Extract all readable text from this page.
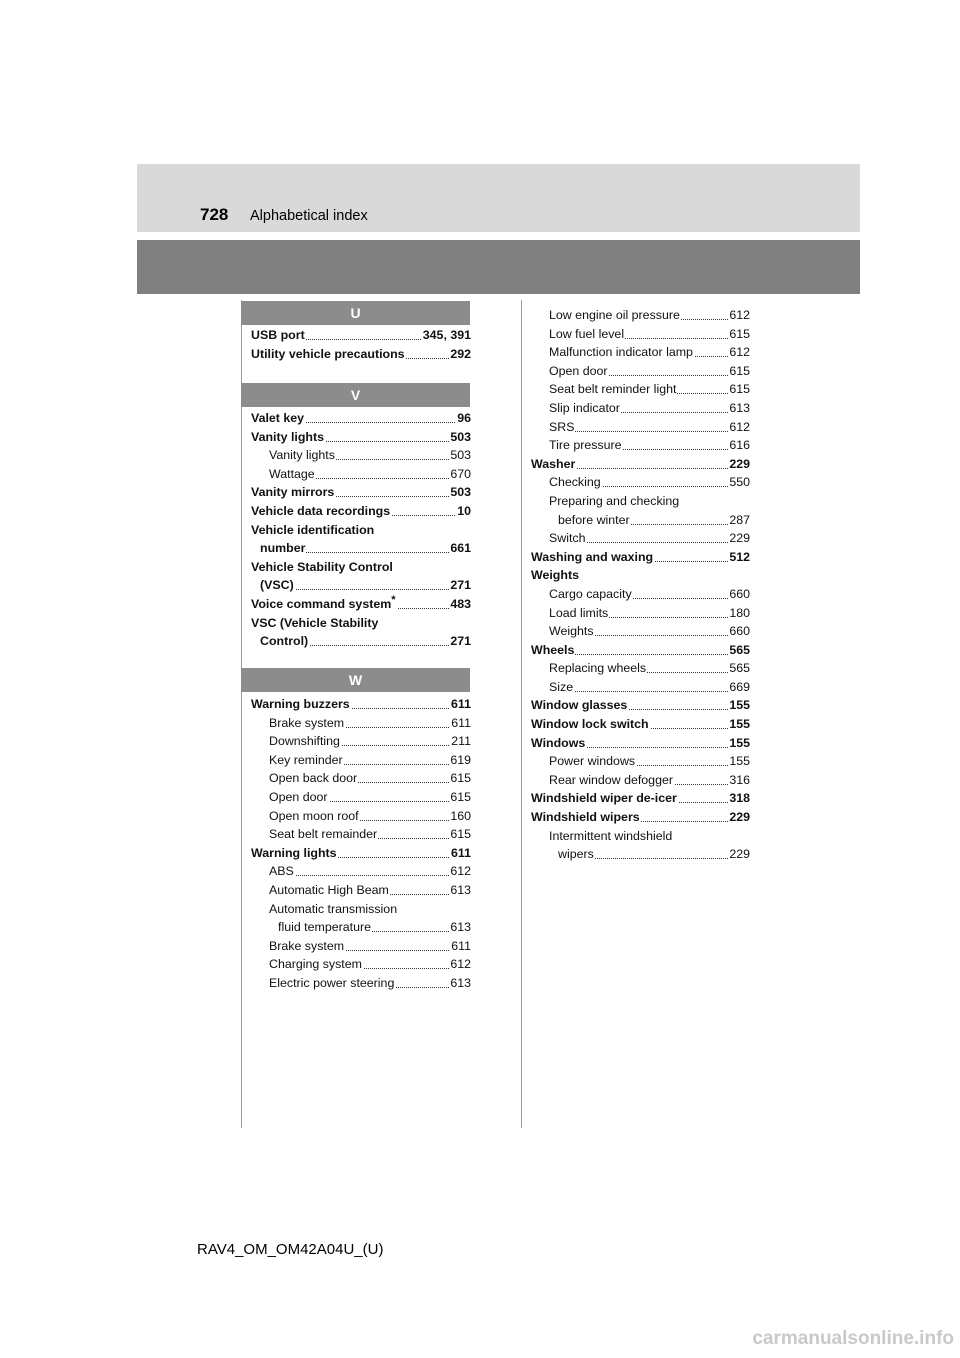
728 Alphabetical index
U
USB port	345, 391
Utility vehicle precautions	292
V
Valet key	96
Vanity lights	503
Vanity lights	503
Wattage	670
Vanity mirrors	503
Vehicle data recordings	10
Vehicle identification
number	661
Vehicle Stability Control
(VSC)	271
Voice command system*	483
VSC (Vehicle Stability
Control)	271
W
Warning buzzers	611
Brake system	611
Downshifting	211
Key reminder	619
Open back door	615
Open door	615
Open moon roof	160
Seat belt remainder	615
Warning lights	611
ABS	612
Automatic High Beam	613
Automatic transmission
fluid temperature	613
Brake system	611
Charging system	612
Electric power steering	613
Low engine oil pressure	612
Low fuel level	615
Malfunction indicator lamp	612
Open door	615
Seat belt reminder light	615
Slip indicator	613
SRS	612
Tire pressure	616
Washer	229
Checking	550
Preparing and checking
before winter	287
Switch	229
Washing and waxing	512
Weights
Cargo capacity	660
Load limits	180
Weights	660
Wheels	565
Replacing wheels	565
Size	669
Window glasses	155
Window lock switch	155
Windows	155
Power windows	155
Rear window defogger	316
Windshield wiper de-icer	318
Windshield wipers	229
Intermittent windshield
wipers	229
RAV4_OM_OM42A04U_(U)
carmanualsonline.info
